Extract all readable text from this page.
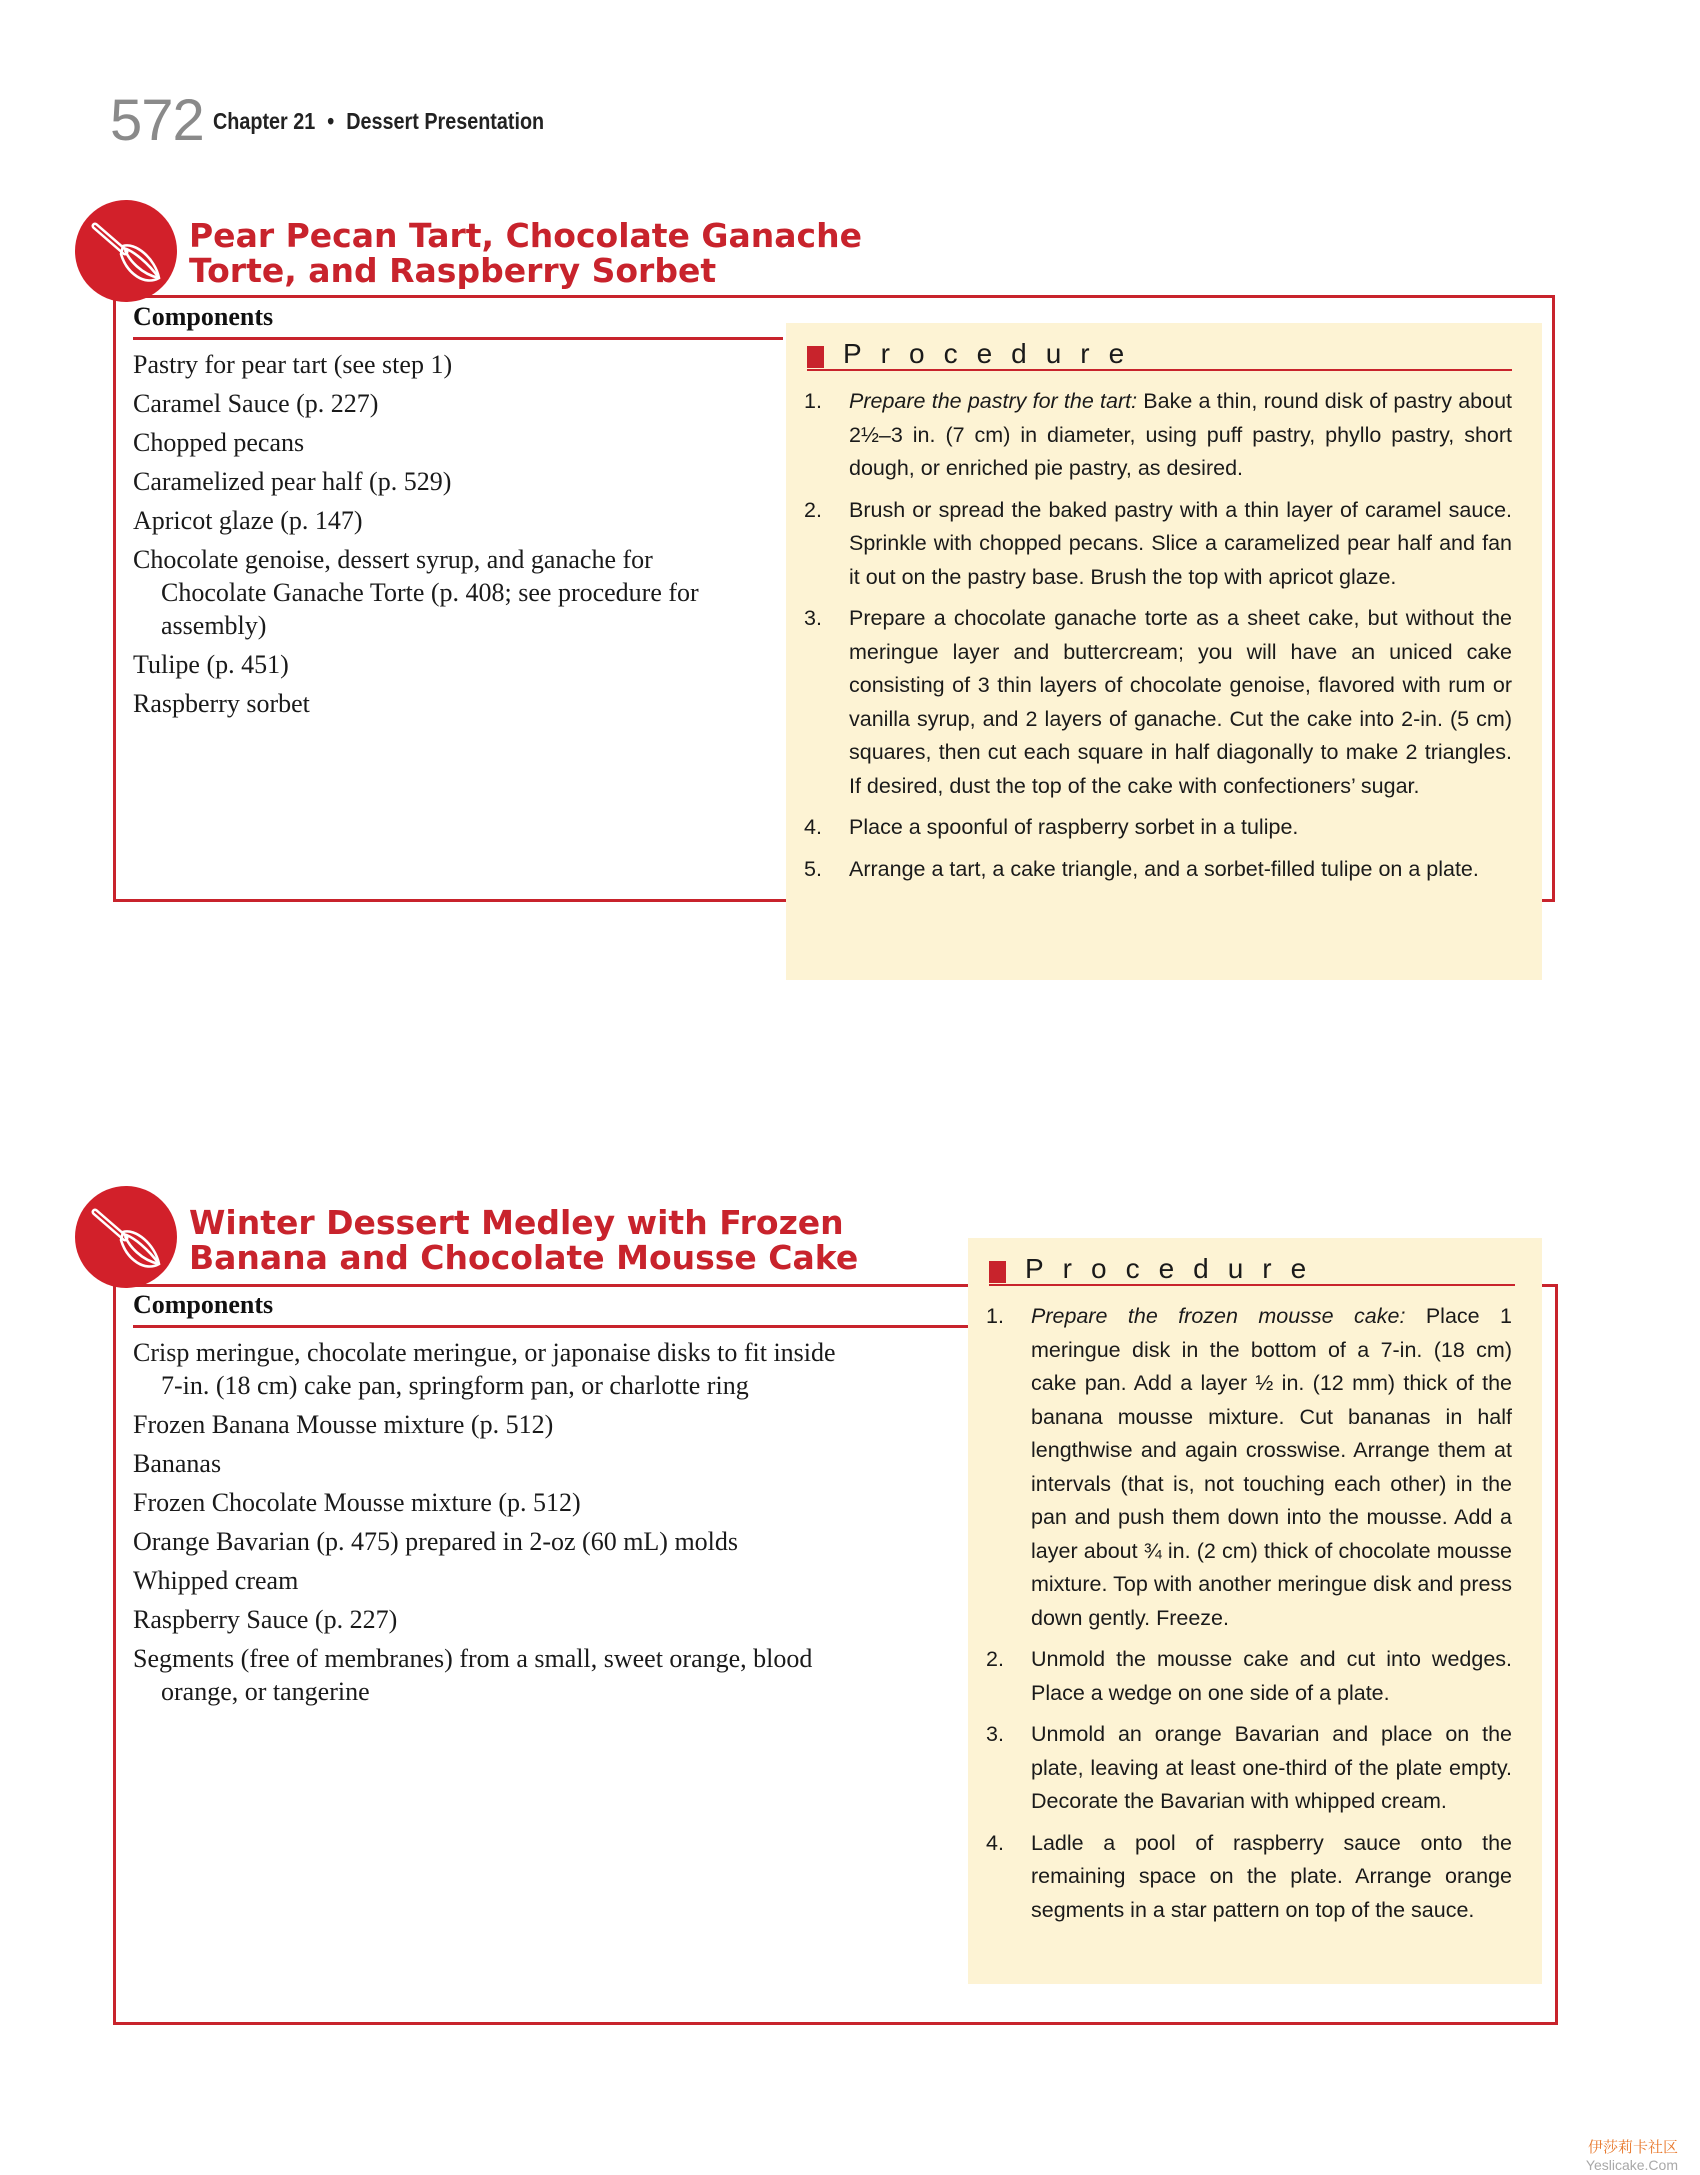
572 Chapter 21 • Dessert Presentation
Pear Pecan Tart, Chocolate Ganache
Torte, and Raspberry Sorbet
Components
Pastry for pear tart (see step 1)
Caramel Sauce (p. 227)
Chopped pecans
Caramelized pear half (p. 529)
Apricot glaze (p. 147)
Chocolate genoise, dessert syrup, and ganache for Chocolate Ganache Torte (p. 408; see procedure for assembly)
Tulipe (p. 451)
Raspberry sorbet
Procedure
1. Prepare the pastry for the tart: Bake a thin, round disk of pastry about 2½–3 in. (7 cm) in diameter, using puff pastry, phyllo pastry, short dough, or enriched pie pastry, as desired.
2. Brush or spread the baked pastry with a thin layer of caramel sauce. Sprinkle with chopped pecans. Slice a caramelized pear half and fan it out on the pastry base. Brush the top with apricot glaze.
3. Prepare a chocolate ganache torte as a sheet cake, but without the meringue layer and buttercream; you will have an uniced cake consisting of 3 thin layers of chocolate genoise, flavored with rum or vanilla syrup, and 2 layers of ganache. Cut the cake into 2-in. (5 cm) squares, then cut each square in half diagonally to make 2 triangles. If desired, dust the top of the cake with confectioners’ sugar.
4. Place a spoonful of raspberry sorbet in a tulipe.
5. Arrange a tart, a cake triangle, and a sorbet-filled tulipe on a plate.
Winter Dessert Medley with Frozen
Banana and Chocolate Mousse Cake
Components
Crisp meringue, chocolate meringue, or japonaise disks to fit inside 7-in. (18 cm) cake pan, springform pan, or charlotte ring
Frozen Banana Mousse mixture (p. 512)
Bananas
Frozen Chocolate Mousse mixture (p. 512)
Orange Bavarian (p. 475) prepared in 2-oz (60 mL) molds
Whipped cream
Raspberry Sauce (p. 227)
Segments (free of membranes) from a small, sweet orange, blood orange, or tangerine
Procedure
1. Prepare the frozen mousse cake: Place 1 meringue disk in the bottom of a 7-in. (18 cm) cake pan. Add a layer ½ in. (12 mm) thick of the banana mousse mixture. Cut bananas in half lengthwise and again crosswise. Arrange them at intervals (that is, not touching each other) in the pan and push them down into the mousse. Add a layer about ¾ in. (2 cm) thick of chocolate mousse mixture. Top with another meringue disk and press down gently. Freeze.
2. Unmold the mousse cake and cut into wedges. Place a wedge on one side of a plate.
3. Unmold an orange Bavarian and place on the plate, leaving at least one-third of the plate empty. Decorate the Bavarian with whipped cream.
4. Ladle a pool of raspberry sauce onto the remaining space on the plate. Arrange orange segments in a star pattern on top of the sauce.
伊莎莉卡社区
Yeslicake.Com
